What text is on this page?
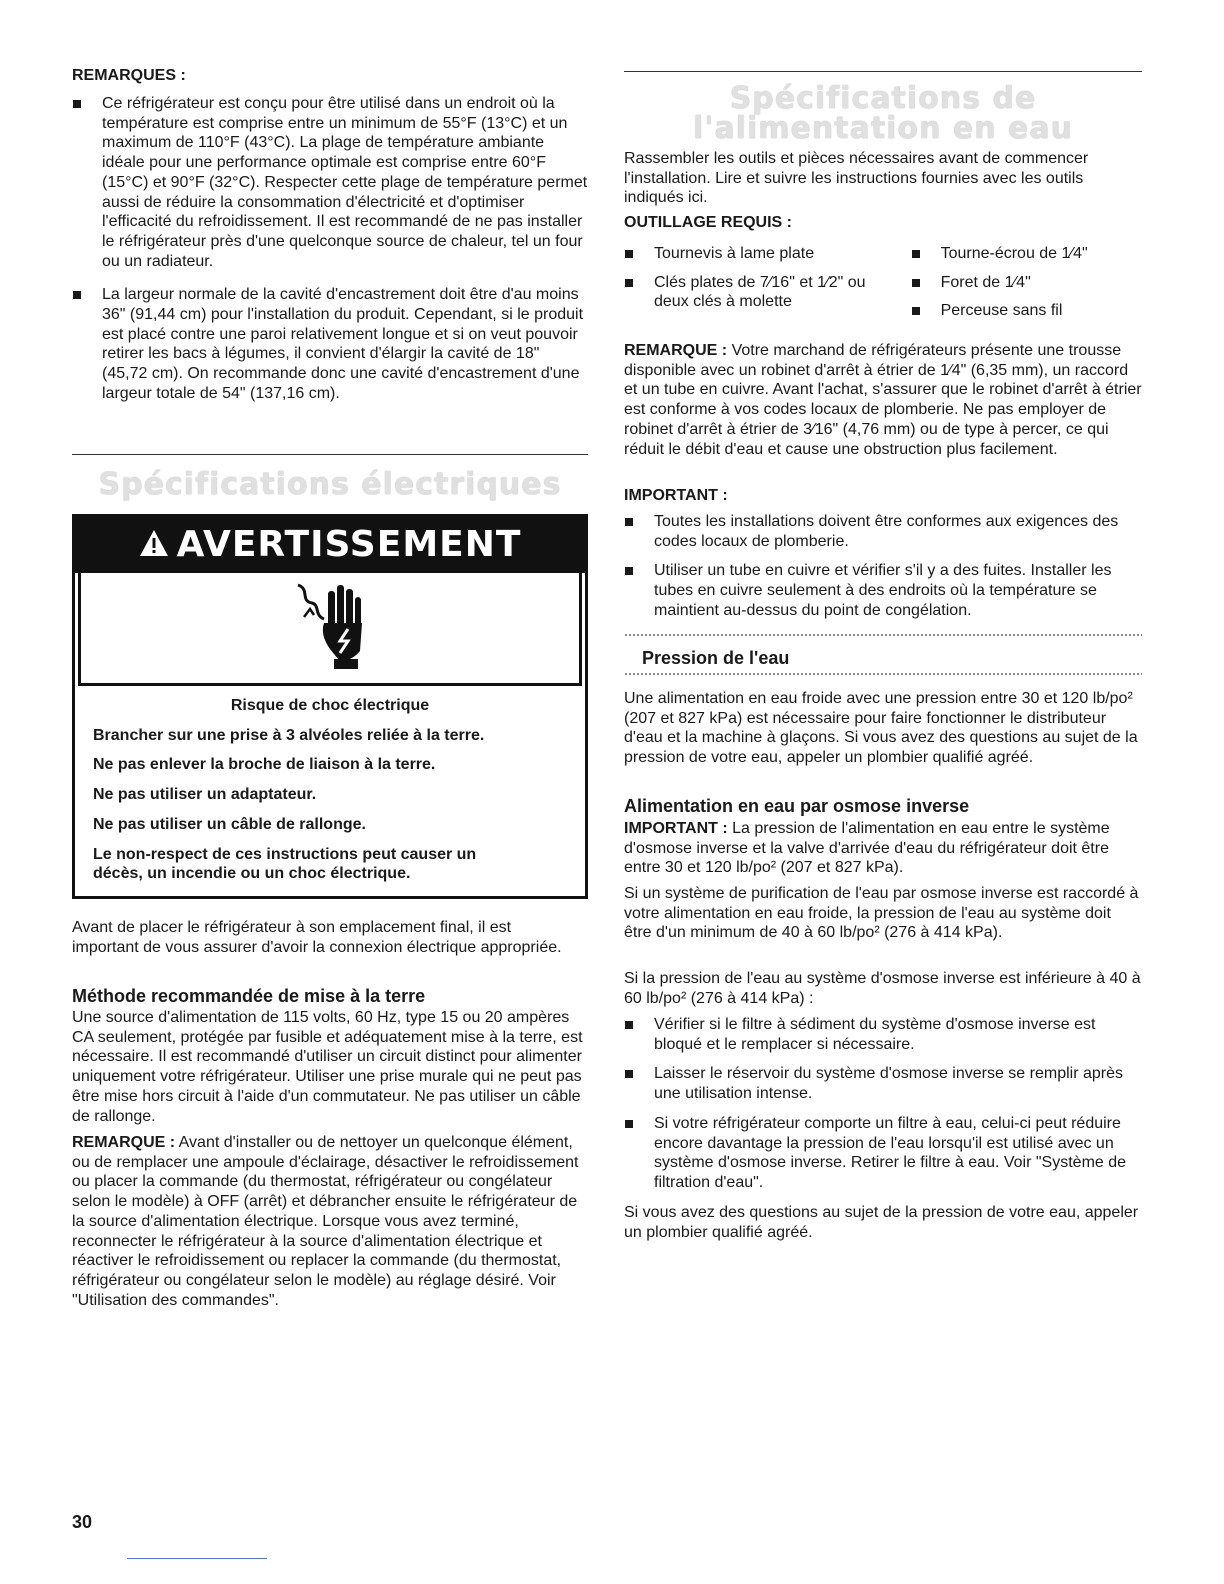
REMARQUES :

Ce réfrigérateur est conçu pour être utilisé dans un endroit où la température est comprise entre un minimum de 55°F (13°C) et un maximum de 110°F (43°C). La plage de température ambiante idéale pour une performance optimale est comprise entre 60°F (15°C) et 90°F (32°C). Respecter cette plage de température permet aussi de réduire la consommation d'électricité et d'optimiser l'efficacité du refroidissement. Il est recommandé de ne pas installer le réfrigérateur près d'une quelconque source de chaleur, tel un four ou un radiateur.
La largeur normale de la cavité d'encastrement doit être d'au moins 36" (91,44 cm) pour l'installation du produit. Cependant, si le produit est placé contre une paroi relativement longue et si on veut pouvoir retirer les bacs à légumes, il convient d'élargir la cavité de 18" (45,72 cm). On recommande donc une cavité d'encastrement d'une largeur totale de 54" (137,16 cm).
Spécifications électriques
AVERTISSEMENT

Risque de choc électrique

Brancher sur une prise à 3 alvéoles reliée à la terre.

Ne pas enlever la broche de liaison à la terre.

Ne pas utiliser un adaptateur.

Ne pas utiliser un câble de rallonge.

Le non-respect de ces instructions peut causer un décès, un incendie ou un choc électrique.

Avant de placer le réfrigérateur à son emplacement final, il est important de vous assurer d'avoir la connexion électrique appropriée.

Méthode recommandée de mise à la terre

Une source d'alimentation de 115 volts, 60 Hz, type 15 ou 20 ampères CA seulement, protégée par fusible et adéquatement mise à la terre, est nécessaire. Il est recommandé d'utiliser un circuit distinct pour alimenter uniquement votre réfrigérateur. Utiliser une prise murale qui ne peut pas être mise hors circuit à l'aide d'un commutateur. Ne pas utiliser un câble de rallonge.

REMARQUE : Avant d'installer ou de nettoyer un quelconque élément, ou de remplacer une ampoule d'éclairage, désactiver le refroidissement ou placer la commande (du thermostat, réfrigérateur ou congélateur selon le modèle) à OFF (arrêt) et débrancher ensuite le réfrigérateur de la source d'alimentation électrique. Lorsque vous avez terminé, reconnecter le réfrigérateur à la source d'alimentation électrique et réactiver le refroidissement ou replacer la commande (du thermostat, réfrigérateur ou congélateur selon le modèle) au réglage désiré. Voir "Utilisation des commandes".

Spécifications de
l'alimentation en eau

Rassembler les outils et pièces nécessaires avant de commencer l'installation. Lire et suivre les instructions fournies avec les outils indiqués ici.

OUTILLAGE REQUIS :

Tournevis à lame plate
Clés plates de 7⁄16" et 1⁄2" ou deux clés à molette
Tourne-écrou de 1⁄4"
Foret de 1⁄4"
Perceuse sans fil

REMARQUE : Votre marchand de réfrigérateurs présente une trousse disponible avec un robinet d'arrêt à étrier de 1⁄4" (6,35 mm), un raccord et un tube en cuivre. Avant l'achat, s'assurer que le robinet d'arrêt à étrier est conforme à vos codes locaux de plomberie. Ne pas employer de robinet d'arrêt à étrier de 3⁄16" (4,76 mm) ou de type à percer, ce qui réduit le débit d'eau et cause une obstruction plus facilement.

IMPORTANT :

Toutes les installations doivent être conformes aux exigences des codes locaux de plomberie.
Utiliser un tube en cuivre et vérifier s'il y a des fuites. Installer les tubes en cuivre seulement à des endroits où la température se maintient au-dessus du point de congélation.
Pression de l'eau

Une alimentation en eau froide avec une pression entre 30 et 120 lb/po² (207 et 827 kPa) est nécessaire pour faire fonctionner le distributeur d'eau et la machine à glaçons. Si vous avez des questions au sujet de la pression de votre eau, appeler un plombier qualifié agréé.

Alimentation en eau par osmose inverse

IMPORTANT : La pression de l'alimentation en eau entre le système d'osmose inverse et la valve d'arrivée d'eau du réfrigérateur doit être entre 30 et 120 lb/po² (207 et 827 kPa).

Si un système de purification de l'eau par osmose inverse est raccordé à votre alimentation en eau froide, la pression de l'eau au système doit être d'un minimum de 40 à 60 lb/po² (276 à 414 kPa).

Si la pression de l'eau au système d'osmose inverse est inférieure à 40 à 60 lb/po² (276 à 414 kPa) :

Vérifier si le filtre à sédiment du système d'osmose inverse est bloqué et le remplacer si nécessaire.
Laisser le réservoir du système d'osmose inverse se remplir après une utilisation intense.
Si votre réfrigérateur comporte un filtre à eau, celui-ci peut réduire encore davantage la pression de l'eau lorsqu'il est utilisé avec un système d'osmose inverse. Retirer le filtre à eau. Voir "Système de filtration d'eau".

Si vous avez des questions au sujet de la pression de votre eau, appeler un plombier qualifié agréé.

30
